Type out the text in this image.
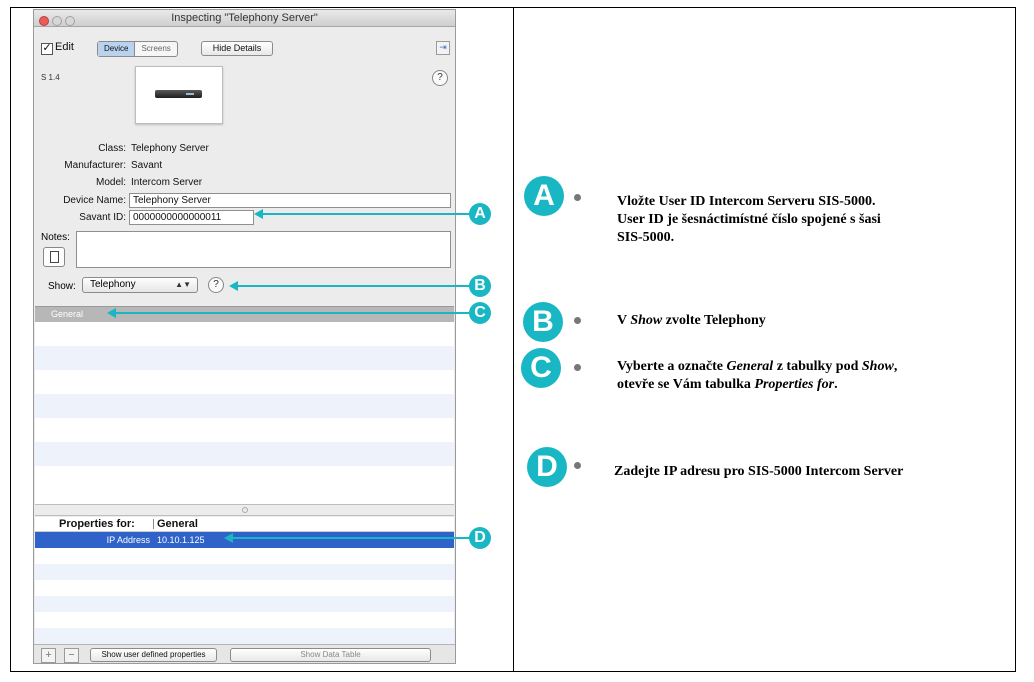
Inspecting "Telephony Server"
✓ Edit	Device	Screens	Hide Details	⇥
S 1.4	?
Class: Telephony Server
Manufacturer: Savant
Model: Intercom Server
Device Name: Telephony Server
Savant ID: 0000000000000011
Notes:
Show:	Telephony	▲▼	?
General
Properties for: General
IP Address 10.10.1.125
+	−	Show user defined properties	Show Data Table
A
B
C
D
A	Vložte User ID Intercom Serveru SIS-5000.
User ID je šesnáctimístné číslo spojené s šasi
SIS-5000.
B	V Show zvolte Telephony
C	Vyberte a označte General z tabulky pod Show,
otevře se Vám tabulka Properties for.
D	Zadejte IP adresu pro SIS-5000 Intercom Server
